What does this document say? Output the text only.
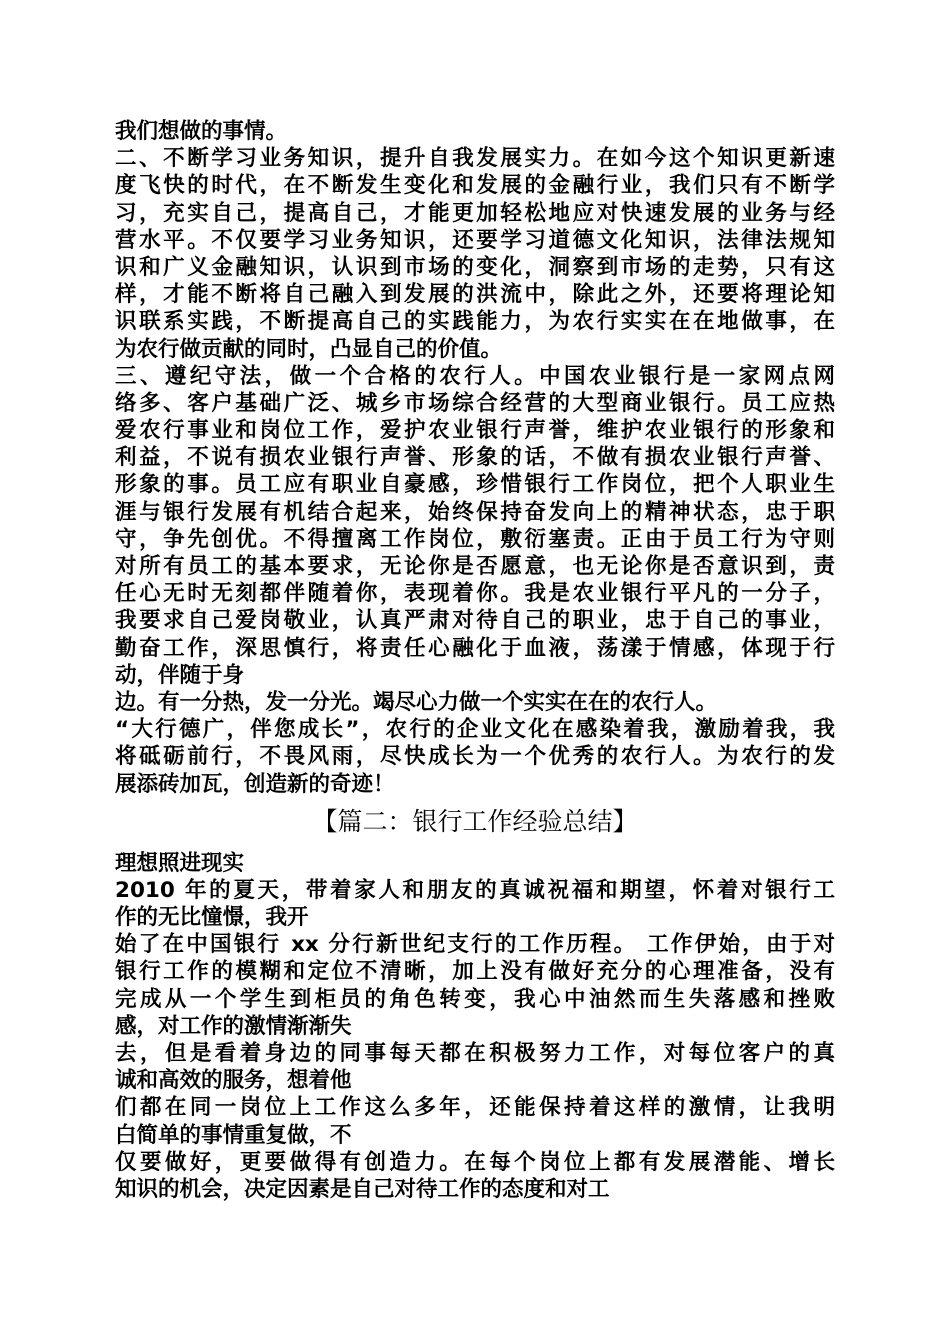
我们想做的事情。
二、不断学习业务知识，提升自我发展实力。在如今这个知识更新速
度飞快的时代，在不断发生变化和发展的金融行业，我们只有不断学
习，充实自己，提高自己，才能更加轻松地应对快速发展的业务与经
营水平。不仅要学习业务知识，还要学习道德文化知识，法律法规知
识和广义金融知识，认识到市场的变化，洞察到市场的走势，只有这
样，才能不断将自己融入到发展的洪流中，除此之外，还要将理论知
识联系实践，不断提高自己的实践能力，为农行实实在在地做事，在
为农行做贡献的同时，凸显自己的价值。
三、遵纪守法，做一个合格的农行人。中国农业银行是一家网点网
络多、客户基础广泛、城乡市场综合经营的大型商业银行。员工应热
爱农行事业和岗位工作，爱护农业银行声誉，维护农业银行的形象和
利益，不说有损农业银行声誉、形象的话，不做有损农业银行声誉、
形象的事。员工应有职业自豪感，珍惜银行工作岗位，把个人职业生
涯与银行发展有机结合起来，始终保持奋发向上的精神状态，忠于职
守，争先创优。不得擅离工作岗位，敷衍塞责。正由于员工行为守则
对所有员工的基本要求，无论你是否愿意，也无论你是否意识到，责
任心无时无刻都伴随着你，表现着你。我是农业银行平凡的一分子，
我要求自己爱岗敬业，认真严肃对待自己的职业，忠于自己的事业，
勤奋工作，深思慎行，将责任心融化于血液，荡漾于情感，体现于行
动，伴随于身
边。有一分热，发一分光。竭尽心力做一个实实在在的农行人。
“大行德广，伴您成长”，农行的企业文化在感染着我，激励着我，我
将砥砺前行，不畏风雨，尽快成长为一个优秀的农行人。为农行的发
展添砖加瓦，创造新的奇迹！
【篇二：银行工作经验总结】
理想照进现实
2010 年的夏天，带着家人和朋友的真诚祝福和期望，怀着对银行工
作的无比憧憬，我开
始了在中国银行 xx 分行新世纪支行的工作历程。 工作伊始，由于对
银行工作的模糊和定位不清晰，加上没有做好充分的心理准备，没有
完成从一个学生到柜员的角色转变，我心中油然而生失落感和挫败
感，对工作的激情渐渐失
去，但是看着身边的同事每天都在积极努力工作，对每位客户的真
诚和高效的服务，想着他
们都在同一岗位上工作这么多年，还能保持着这样的激情，让我明
白简单的事情重复做，不
仅要做好，更要做得有创造力。在每个岗位上都有发展潜能、增长
知识的机会，决定因素是自己对待工作的态度和对工
